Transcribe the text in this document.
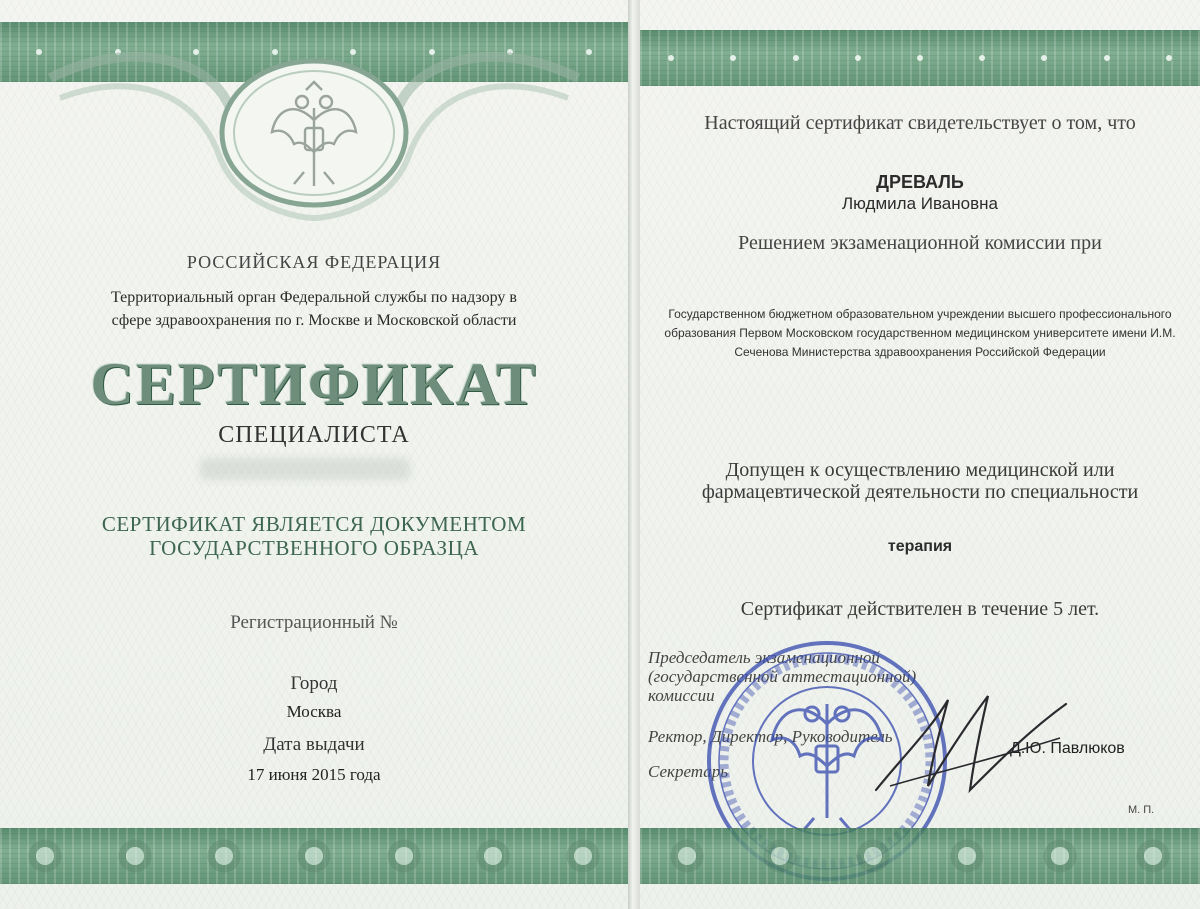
РОССИЙСКАЯ ФЕДЕРАЦИЯ
Территориальный орган Федеральной службы по надзору в сфере здравоохранения по г. Москве и Московской области
СЕРТИФИКАТ
СПЕЦИАЛИСТА
СЕРТИФИКАТ ЯВЛЯЕТСЯ ДОКУМЕНТОМ ГОСУДАРСТВЕННОГО ОБРАЗЦА
Регистрационный №
Город
Москва
Дата выдачи
17 июня 2015 года
Настоящий сертификат свидетельствует о том, что
ДРЕВАЛЬ
Людмила Ивановна
Решением экзаменационной комиссии при
Государственном бюджетном образовательном учреждении высшего профессионального образования Первом Московском государственном медицинском университете имени И.М. Сеченова Министерства здравоохранения Российской Федерации
Допущен к осуществлению медицинской или фармацевтической деятельности по специальности
терапия
Сертификат действителен в течение 5 лет.
Председатель экзаменационной
(государственной аттестационной)
комиссии
Ректор, Директор, Руководитель
Секретарь
Д.Ю. Павлюков
М. П.
